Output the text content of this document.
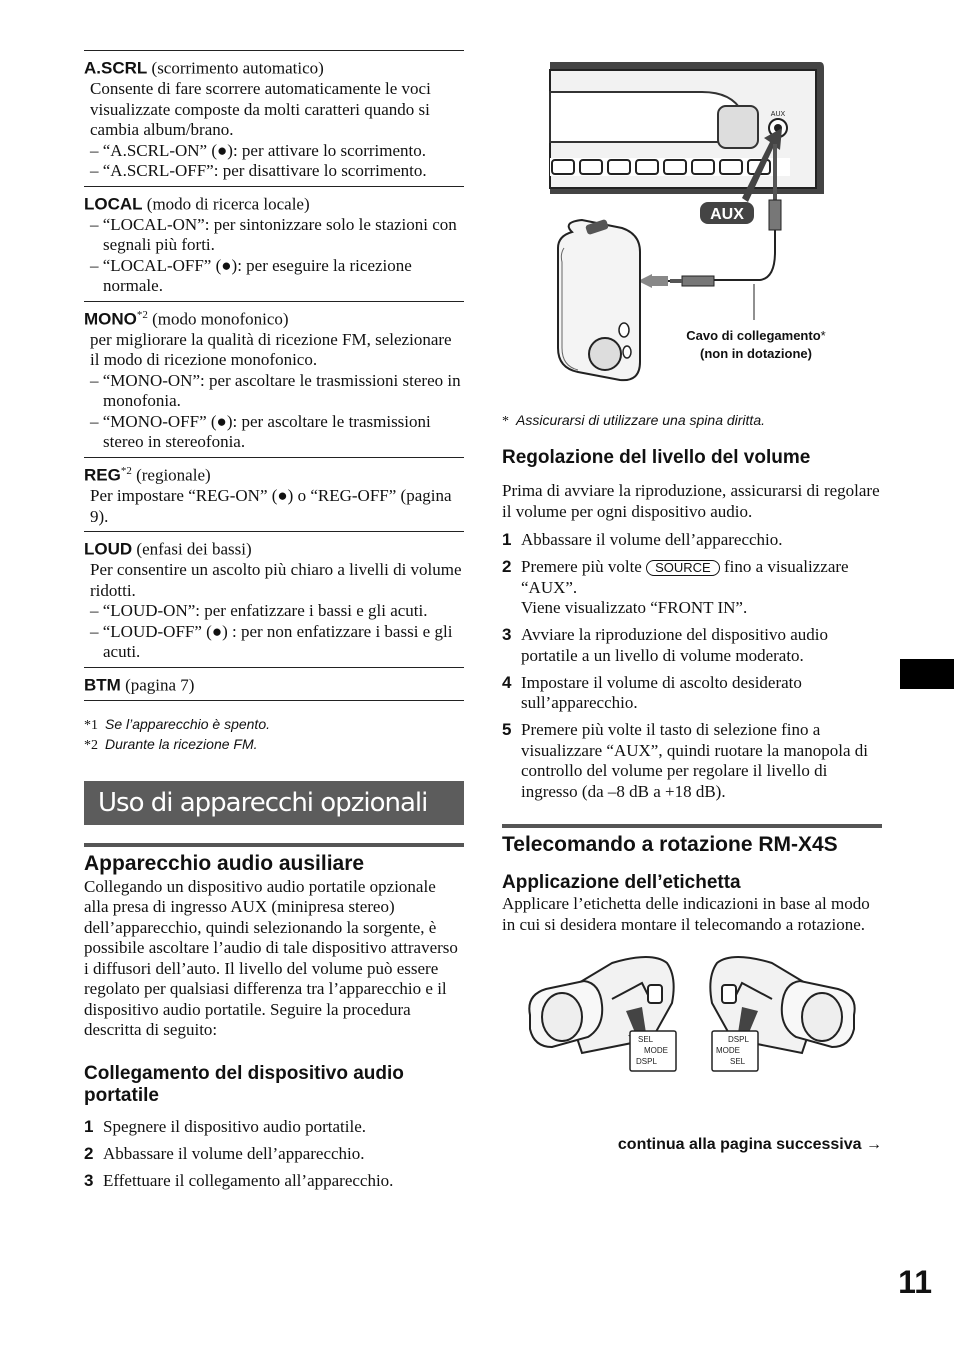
A.SCRL (scorrimento automatico)
Consente di fare scorrere automaticamente le voci visualizzate composte da molti caratteri quando si cambia album/brano.
– “A.SCRL-ON” (●): per attivare lo scorrimento.
– “A.SCRL-OFF”: per disattivare lo scorrimento.
LOCAL (modo di ricerca locale)
– “LOCAL-ON”: per sintonizzare solo le stazioni con segnali più forti.
– “LOCAL-OFF” (●): per eseguire la ricezione normale.
MONO$^{*2}$ (modo monofonico)
per migliorare la qualità di ricezione FM, selezionare il modo di ricezione monofonico.
– “MONO-ON”: per ascoltare le trasmissioni stereo in monofonia.
– “MONO-OFF” (●): per ascoltare le trasmissioni stereo in stereofonia.
REG$^{*2}$ (regionale)
Per impostare “REG-ON” (●) o “REG-OFF” (pagina 9).
LOUD (enfasi dei bassi)
Per consentire un ascolto più chiaro a livelli di volume ridotti.
– “LOUD-ON”: per enfatizzare i bassi e gli acuti.
– “LOUD-OFF” (●) : per non enfatizzare i bassi e gli acuti.
BTM (pagina 7)
*1 Se l’apparecchio è spento.
*2 Durante la ricezione FM.
Uso di apparecchi opzionali
Apparecchio audio ausiliare
Collegando un dispositivo audio portatile opzionale alla presa di ingresso AUX (minipresa stereo) dell’apparecchio, quindi selezionando la sorgente, è possibile ascoltare l’audio di tale dispositivo attraverso i diffusori dell’auto. Il livello del volume può essere regolato per qualsiasi differenza tra l’apparecchio e il dispositivo audio portatile. Seguire la procedura descritta di seguito:
Collegamento del dispositivo audio portatile
1 Spegnere il dispositivo audio portatile.
2 Abbassare il volume dell’apparecchio.
3 Effettuare il collegamento all’apparecchio.
AUX
AUX
Cavo di collegamento*
(non in dotazione)
* Assicurarsi di utilizzare una spina diritta.
Regolazione del livello del volume
Prima di avviare la riproduzione, assicurarsi di regolare il volume per ogni dispositivo audio.
1 Abbassare il volume dell’apparecchio.
2 Premere più volte SOURCE fino a visualizzare “AUX”.
Viene visualizzato “FRONT IN”.
3 Avviare la riproduzione del dispositivo audio portatile a un livello di volume moderato.
4 Impostare il volume di ascolto desiderato sull’apparecchio.
5 Premere più volte il tasto di selezione fino a visualizzare “AUX”, quindi ruotare la manopola di controllo del volume per regolare il livello di ingresso (da –8 dB a +18 dB).
Telecomando a rotazione RM-X4S
Applicazione dell’etichetta
Applicare l’etichetta delle indicazioni in base al modo in cui si desidera montare il telecomando a rotazione.
SEL
MODE
DSPL
DSPL
MODE
SEL
continua alla pagina successiva →
11
